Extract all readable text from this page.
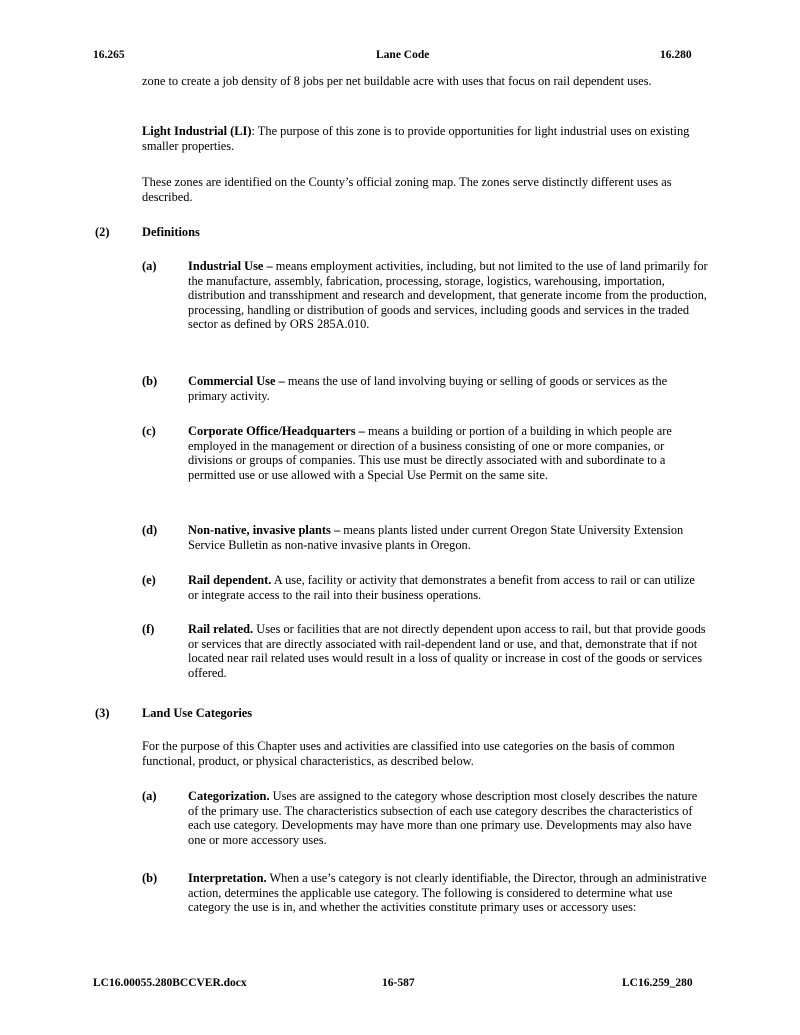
16.265	Lane Code	16.280
zone to create a job density of 8 jobs per net buildable acre with uses that focus on rail dependent uses.
Light Industrial (LI): The purpose of this zone is to provide opportunities for light industrial uses on existing smaller properties.
These zones are identified on the County’s official zoning map. The zones serve distinctly different uses as described.
(2)	Definitions
(a)	Industrial Use – means employment activities, including, but not limited to the use of land primarily for the manufacture, assembly, fabrication, processing, storage, logistics, warehousing, importation, distribution and transshipment and research and development, that generate income from the production, processing, handling or distribution of goods and services, including goods and services in the traded sector as defined by ORS 285A.010.
(b) Commercial Use – means the use of land involving buying or selling of goods or services as the primary activity.
(c)	Corporate Office/Headquarters – means a building or portion of a building in which people are employed in the management or direction of a business consisting of one or more companies, or divisions or groups of companies. This use must be directly associated with and subordinate to a permitted use or use allowed with a Special Use Permit on the same site.
(d) Non-native, invasive plants – means plants listed under current Oregon State University Extension Service Bulletin as non-native invasive plants in Oregon.
(e)	Rail dependent. A use, facility or activity that demonstrates a benefit from access to rail or can utilize or integrate access to the rail into their business operations.
(f)	Rail related. Uses or facilities that are not directly dependent upon access to rail, but that provide goods or services that are directly associated with rail-dependent land or use, and that, demonstrate that if not located near rail related uses would result in a loss of quality or increase in cost of the goods or services offered.
(3)	Land Use Categories
For the purpose of this Chapter uses and activities are classified into use categories on the basis of common functional, product, or physical characteristics, as described below.
(a)	Categorization. Uses are assigned to the category whose description most closely describes the nature of the primary use. The characteristics subsection of each use category describes the characteristics of each use category. Developments may have more than one primary use. Developments may also have one or more accessory uses.
(b) Interpretation. When a use’s category is not clearly identifiable, the Director, through an administrative action, determines the applicable use category. The following is considered to determine what use category the use is in, and whether the activities constitute primary uses or accessory uses:
LC16.00055.280BCCVER.docx	16-587	LC16.259_280
